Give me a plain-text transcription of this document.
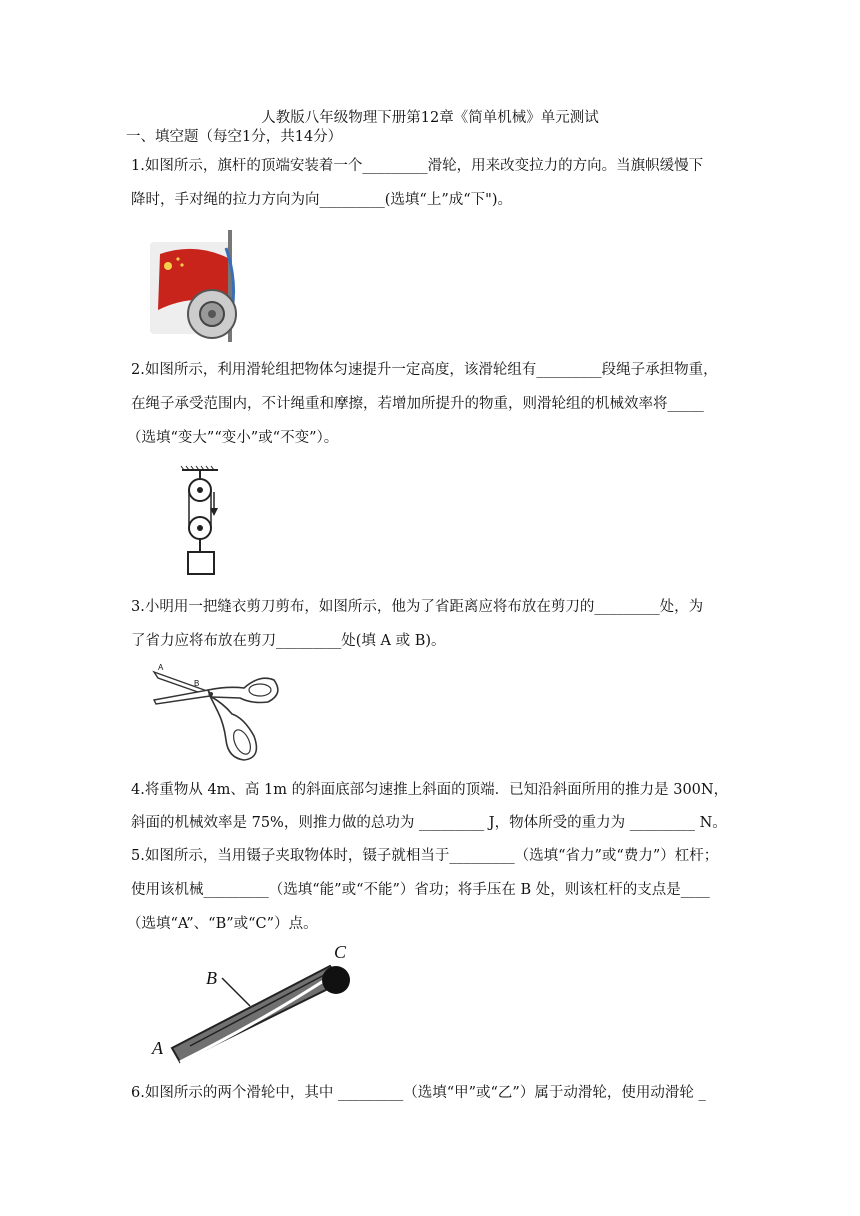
人教版八年级物理下册第12章《简单机械》单元测试
一、填空题（每空1分，共14分）
1.如图所示，旗杆的顶端安装着一个_________滑轮，用来改变拉力的方向。当旗帜缓慢下
降时，手对绳的拉力方向为向_________(选填“上”成“下")。
2.如图所示，利用滑轮组把物体匀速提升一定高度，该滑轮组有_________段绳子承担物重，
在绳子承受范围内，不计绳重和摩擦，若增加所提升的物重，则滑轮组的机械效率将_____
（选填“变大”“变小”或“不变”）。
3.小明用一把缝衣剪刀剪布，如图所示，他为了省距离应将布放在剪刀的_________处，为
了省力应将布放在剪刀_________处(填 A 或 B)。
A
B
4.将重物从 4m、高 1m 的斜面底部匀速推上斜面的顶端．已知沿斜面所用的推力是 300N，
斜面的机械效率是 75%，则推力做的总功为 _________ J，物体所受的重力为 _________ N。
5.如图所示，当用镊子夹取物体时，镊子就相当于_________（选填“省力”或“费力”）杠杆；
使用该机械_________（选填“能”或“不能”）省功；将手压在 B 处，则该杠杆的支点是____
（选填“A”、“B”或“C”）点。
B
C
A
6.如图所示的两个滑轮中，其中 _________（选填“甲”或“乙”）属于动滑轮，使用动滑轮 _
